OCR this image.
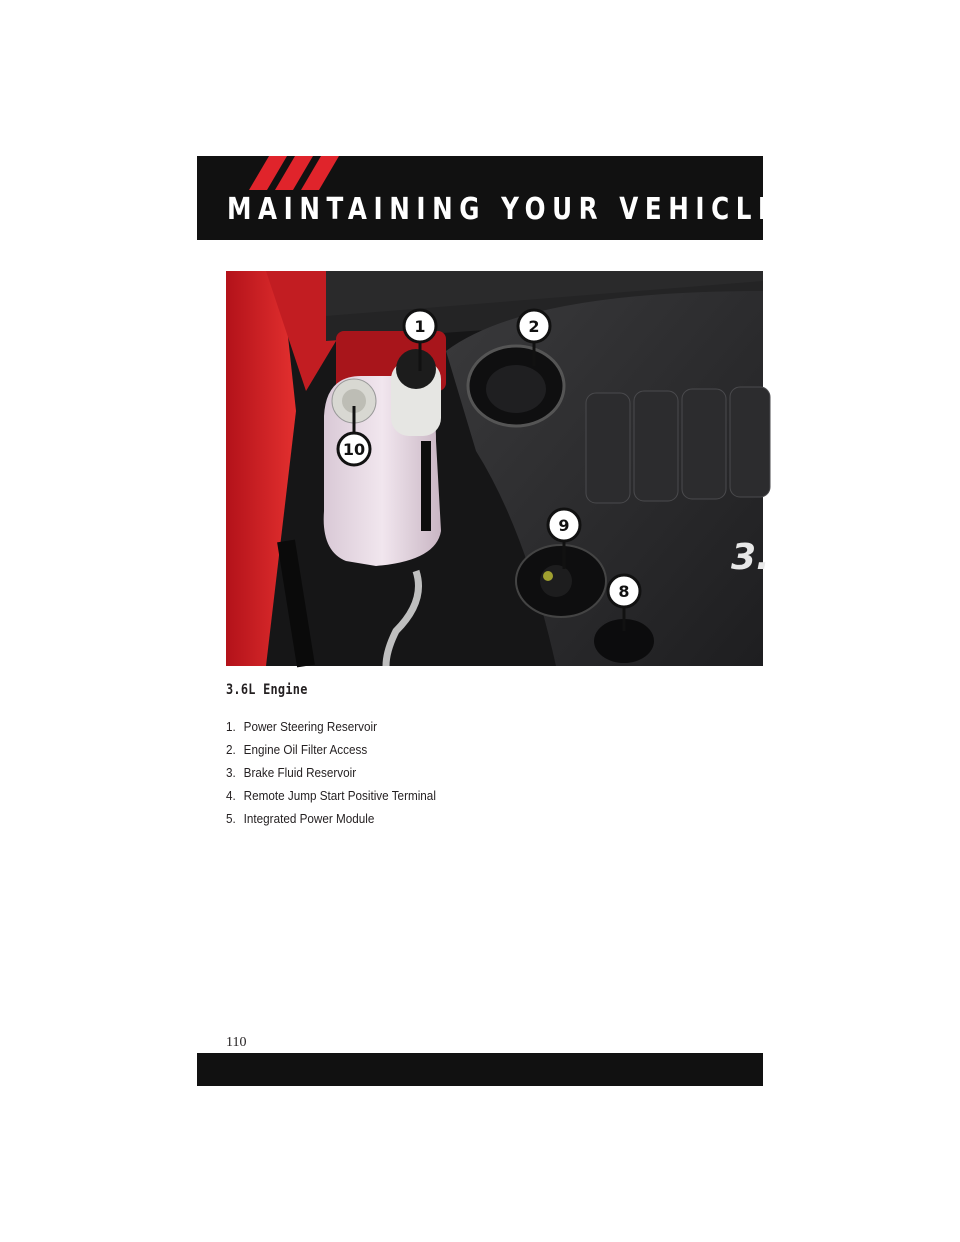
MAINTAINING YOUR VEHICLE
3.
1	2
10
9
8
3.6L Engine
1. Power Steering Reservoir
2. Engine Oil Filter Access
3. Brake Fluid Reservoir
4. Remote Jump Start Positive Terminal
5. Integrated Power Module
110
